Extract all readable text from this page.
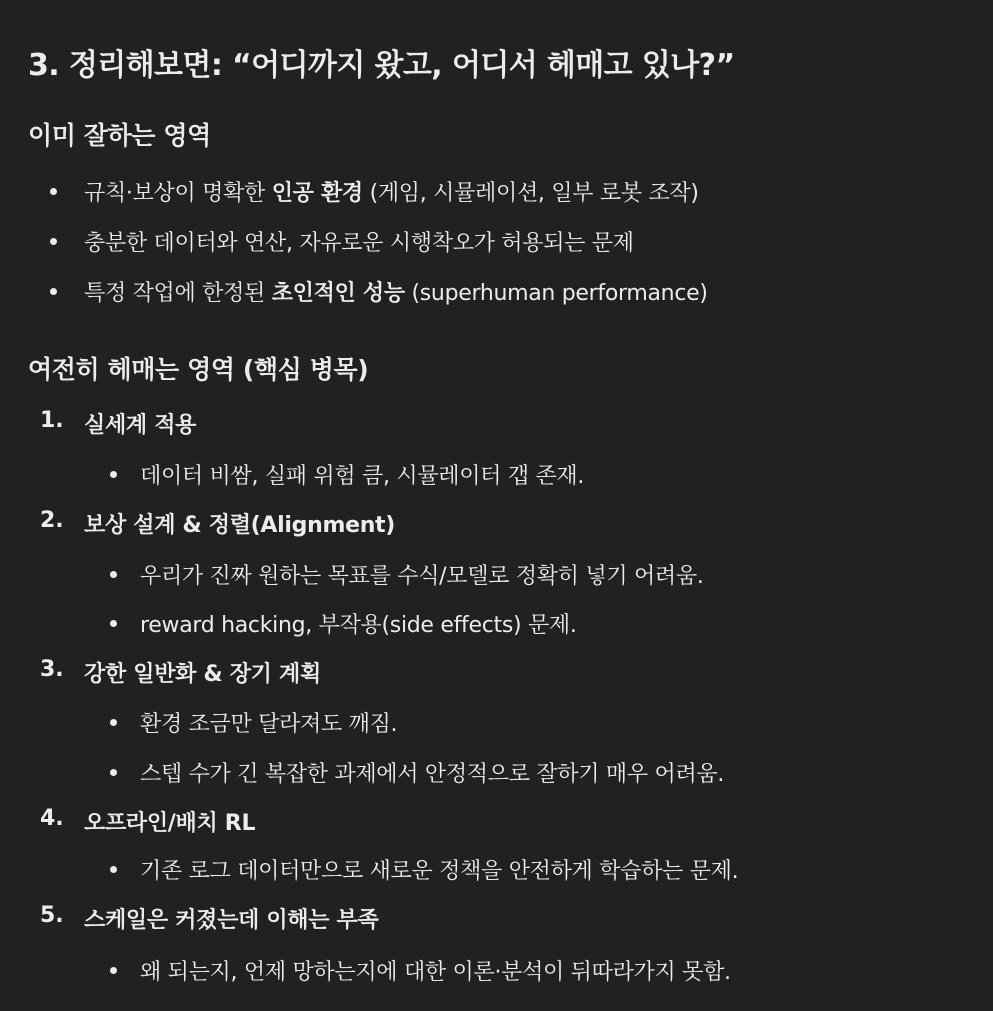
3. 정리해보면: “어디까지 왔고, 어디서 헤매고 있나?”
이미 잘하는 영역
규칙·보상이 명확한 인공 환경 (게임, 시뮬레이션, 일부 로봇 조작)
충분한 데이터와 연산, 자유로운 시행착오가 허용되는 문제
특정 작업에 한정된 초인적인 성능 (superhuman performance)
여전히 헤매는 영역 (핵심 병목)
1. 실세계 적용
데이터 비쌈, 실패 위험 큼, 시뮬레이터 갭 존재.
2. 보상 설계 & 정렬(Alignment)
우리가 진짜 원하는 목표를 수식/모델로 정확히 넣기 어려움.
reward hacking, 부작용(side effects) 문제.
3. 강한 일반화 & 장기 계획
환경 조금만 달라져도 깨짐.
스텝 수가 긴 복잡한 과제에서 안정적으로 잘하기 매우 어려움.
4. 오프라인/배치 RL
기존 로그 데이터만으로 새로운 정책을 안전하게 학습하는 문제.
5. 스케일은 커졌는데 이해는 부족
왜 되는지, 언제 망하는지에 대한 이론·분석이 뒤따라가지 못함.
